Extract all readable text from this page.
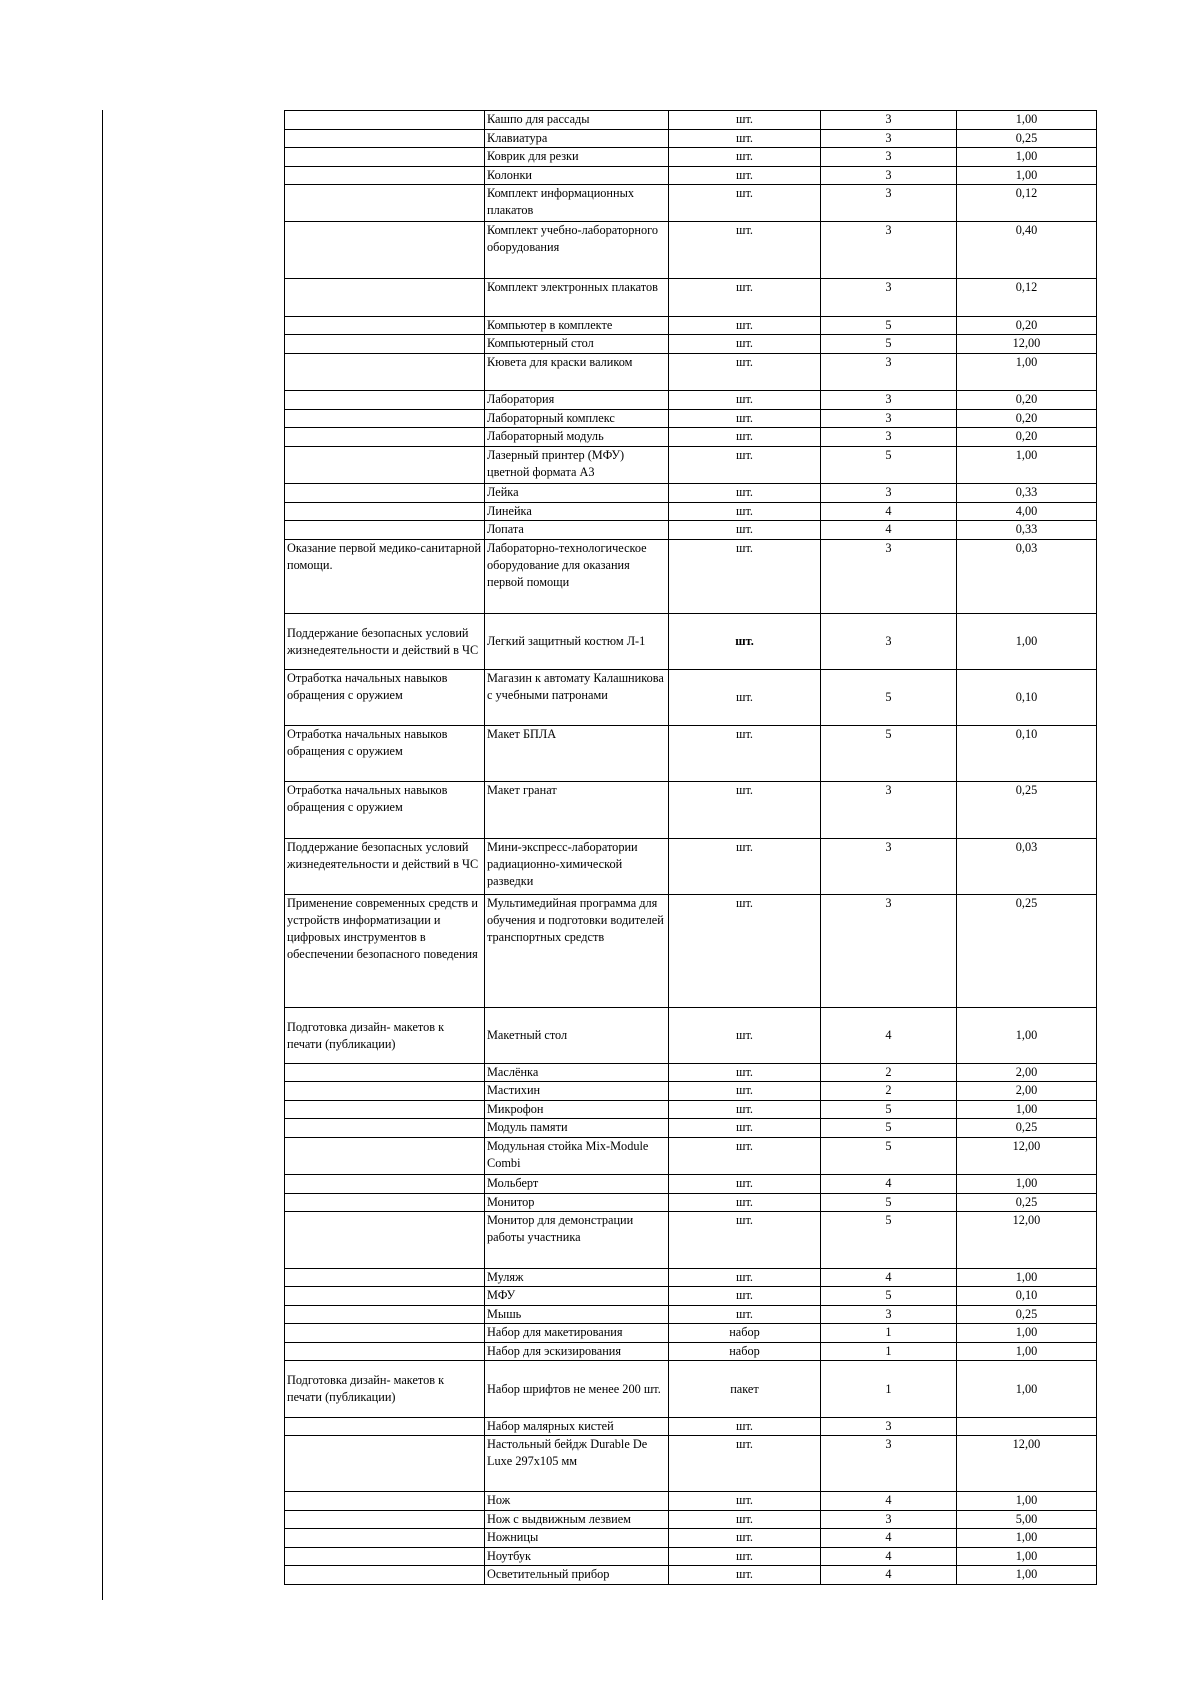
	Кашпо для рассады	шт.	3	1,00
	Клавиатура	шт.	3	0,25
	Коврик для резки	шт.	3	1,00
	Колонки	шт.	3	1,00
	Комплект информационных плакатов	шт.	3	0,12
	Комплект учебно-лабораторного оборудования	шт.	3	0,40
	Комплект электронных плакатов	шт.	3	0,12
	Компьютер в комплекте	шт.	5	0,20
	Компьютерный стол	шт.	5	12,00
	Кювета для краски валиком	шт.	3	1,00
	Лаборатория	шт.	3	0,20
	Лабораторный комплекс	шт.	3	0,20
	Лабораторный модуль	шт.	3	0,20
	Лазерный принтер (МФУ) цветной формата А3	шт.	5	1,00
	Лейка	шт.	3	0,33
	Линейка	шт.	4	4,00
	Лопата	шт.	4	0,33
Оказание первой медико-санитарной помощи.	Лабораторно-технологическое оборудование для оказания первой помощи	шт.	3	0,03
Поддержание безопасных условий жизнедеятельности и действий в ЧС	Легкий защитный костюм Л-1	шт.	3	1,00
Отработка начальных навыков обращения с оружием	Магазин к автомату Калашникова с учебными патронами	шт.	5	0,10
Отработка начальных навыков обращения с оружием	Макет БПЛА	шт.	5	0,10
Отработка начальных навыков обращения с оружием	Макет гранат	шт.	3	0,25
Поддержание безопасных условий жизнедеятельности и действий в ЧС	Мини-экспресс-лаборатории радиационно-химической разведки	шт.	3	0,03
Применение современных средств и устройств информатизации и цифровых инструментов в обеспечении безопасного поведения	Мультимедийная программа для обучения и подготовки водителей транспортных средств	шт.	3	0,25
Подготовка дизайн- макетов к печати (публикации)	Макетный стол	шт.	4	1,00
	Маслёнка	шт.	2	2,00
	Мастихин	шт.	2	2,00
	Микрофон	шт.	5	1,00
	Модуль памяти	шт.	5	0,25
	Модульная стойка Mix-Module Combi	шт.	5	12,00
	Мольберт	шт.	4	1,00
	Монитор	шт.	5	0,25
	Монитор для демонстрации работы участника	шт.	5	12,00
	Муляж	шт.	4	1,00
	МФУ	шт.	5	0,10
	Мышь	шт.	3	0,25
	Набор для макетирования	набор	1	1,00
	Набор для эскизирования	набор	1	1,00
Подготовка дизайн- макетов к печати (публикации)	Набор шрифтов не менее 200 шт.	пакет	1	1,00
	Набор малярных кистей	шт.	3	
	Настольный бейдж Durable De Luxe 297x105 мм	шт.	3	12,00
	Нож	шт.	4	1,00
	Нож с выдвижным лезвием	шт.	3	5,00
	Ножницы	шт.	4	1,00
	Ноутбук	шт.	4	1,00
	Осветительный прибор	шт.	4	1,00
